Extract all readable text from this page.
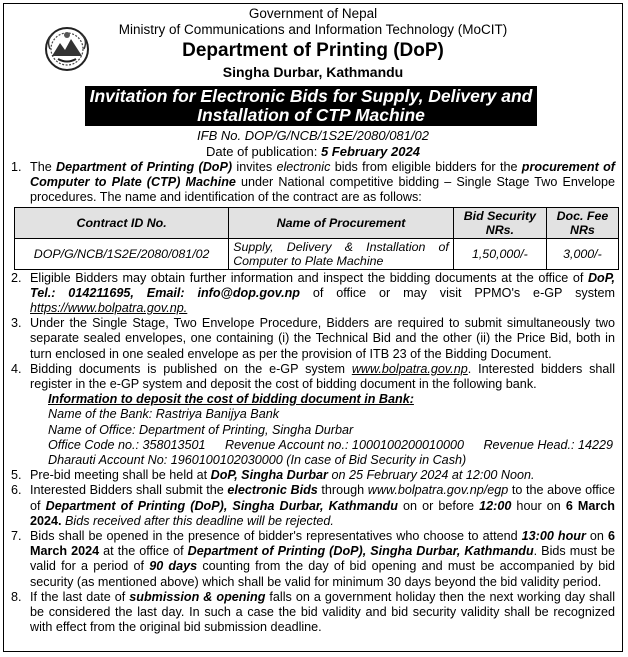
Government of Nepal
Ministry of Communications and Information Technology (MoCIT)
Department of Printing (DoP)
Singha Durbar, Kathmandu
Invitation for Electronic Bids for Supply, Delivery and
Installation of CTP Machine
IFB No. DOP/G/NCB/1S2E/2080/081/02
Date of publication: 5 February 2024
1. The Department of Printing (DoP) invites electronic bids from eligible bidders for the procurement of Computer to Plate (CTP) Machine under National competitive bidding – Single Stage Two Envelope procedures. The name and identification of the contract are as follows:
Contract ID No.	Name of Procurement	Bid Security NRs.	Doc. Fee NRs
DOP/G/NCB/1S2E/2080/081/02	Supply, Delivery & Installation of Computer to Plate Machine	1,50,000/-	3,000/-
2. Eligible Bidders may obtain further information and inspect the bidding documents at the office of DoP, Tel.: 014211695, Email: info@dop.gov.np of office or may visit PPMO's e-GP system https://www.bolpatra.gov.np.
3. Under the Single Stage, Two Envelope Procedure, Bidders are required to submit simultaneously two separate sealed envelopes, one containing (i) the Technical Bid and the other (ii) the Price Bid, both in turn enclosed in one sealed envelope as per the provision of ITB 23 of the Bidding Document.
4. Bidding documents is published on the e-GP system www.bolpatra.gov.np. Interested bidders shall register in the e-GP system and deposit the cost of bidding document in the following bank.
Information to deposit the cost of bidding document in Bank:
Name of the Bank: Rastriya Banijya Bank
Name of Office: Department of Printing, Singha Durbar
Office Code no.: 358013501 Revenue Account no.: 1000100200010000 Revenue Head.: 14229
Dharauti Account No: 1960100102030000 (In case of Bid Security in Cash)
5. Pre-bid meeting shall be held at DoP, Singha Durbar on 25 February 2024 at 12:00 Noon.
6. Interested Bidders shall submit the electronic Bids through www.bolpatra.gov.np/egp to the above office of Department of Printing (DoP), Singha Durbar, Kathmandu on or before 12:00 hour on 6 March 2024. Bids received after this deadline will be rejected.
7. Bids shall be opened in the presence of bidder's representatives who choose to attend 13:00 hour on 6 March 2024 at the office of Department of Printing (DoP), Singha Durbar, Kathmandu. Bids must be valid for a period of 90 days counting from the day of bid opening and must be accompanied by bid security (as mentioned above) which shall be valid for minimum 30 days beyond the bid validity period.
8. If the last date of submission & opening falls on a government holiday then the next working day shall be considered the last day. In such a case the bid validity and bid security validity shall be recognized with effect from the original bid submission deadline.
